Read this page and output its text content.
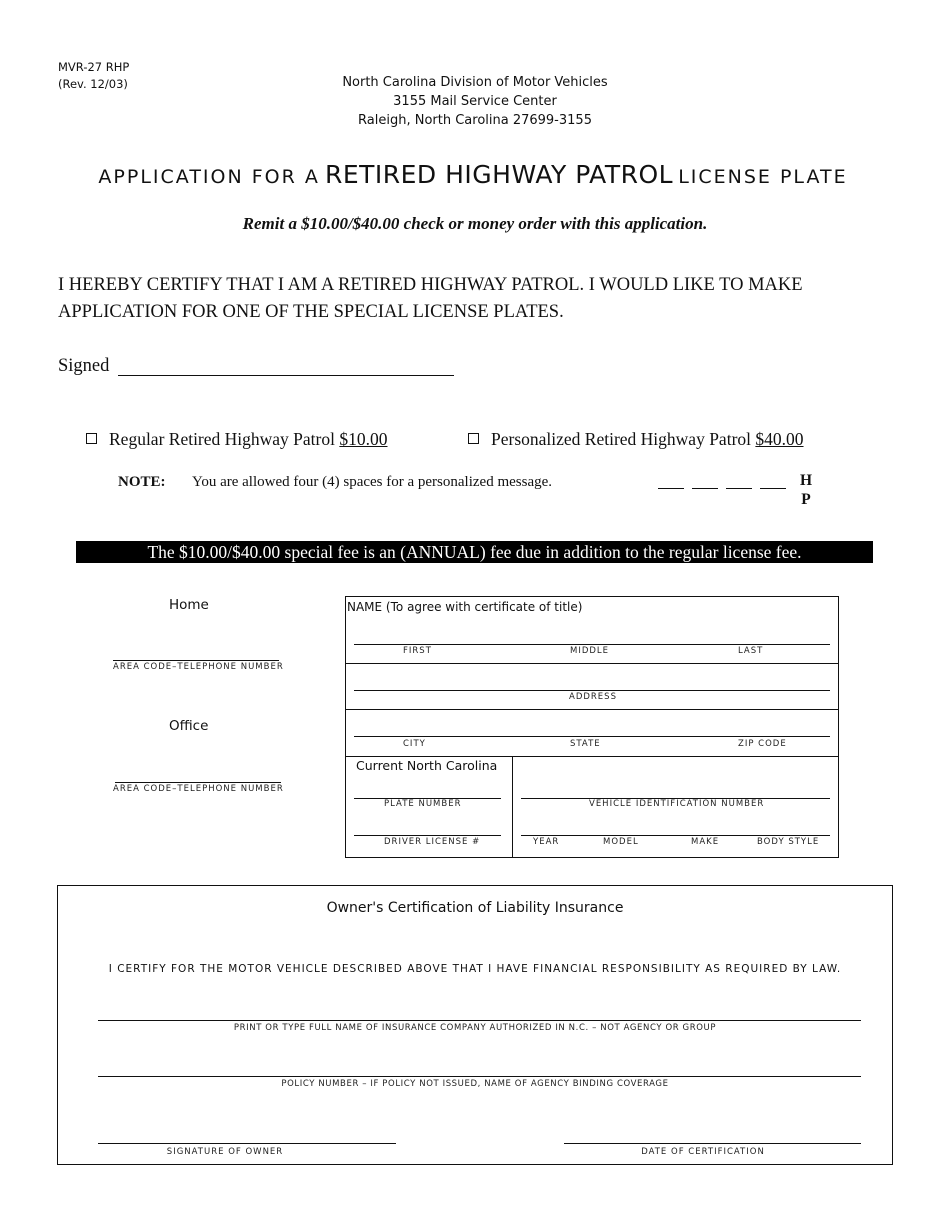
MVR-27 RHP
(Rev. 12/03)	North Carolina Division of Motor Vehicles
3155 Mail Service Center
Raleigh, North Carolina 27699-3155
APPLICATION FOR A RETIRED HIGHWAY PATROL LICENSE PLATE
Remit a $10.00/$40.00 check or money order with this application.
I HEREBY CERTIFY THAT I AM A RETIRED HIGHWAY PATROL. I WOULD LIKE TO MAKE APPLICATION FOR ONE OF THE SPECIAL LICENSE PLATES.
Signed
Regular Retired Highway Patrol $10.00	Personalized Retired Highway Patrol $40.00
NOTE: You are allowed four (4) spaces for a personalized message.	H
P
The $10.00/$40.00 special fee is an (ANNUAL) fee due in addition to the regular license fee.
Home
AREA CODE–TELEPHONE NUMBER
Office
AREA CODE–TELEPHONE NUMBER
NAME (To agree with certificate of title)
FIRST	MIDDLE	LAST
ADDRESS
CITY	STATE	ZIP CODE
Current North Carolina
PLATE NUMBER
DRIVER LICENSE #
VEHICLE IDENTIFICATION NUMBER
YEAR	MODEL	MAKE	BODY STYLE
Owner's Certification of Liability Insurance
I CERTIFY FOR THE MOTOR VEHICLE DESCRIBED ABOVE THAT I HAVE FINANCIAL RESPONSIBILITY AS REQUIRED BY LAW.
PRINT OR TYPE FULL NAME OF INSURANCE COMPANY AUTHORIZED IN N.C. – NOT AGENCY OR GROUP
POLICY NUMBER – IF POLICY NOT ISSUED, NAME OF AGENCY BINDING COVERAGE
SIGNATURE OF OWNER	DATE OF CERTIFICATION
